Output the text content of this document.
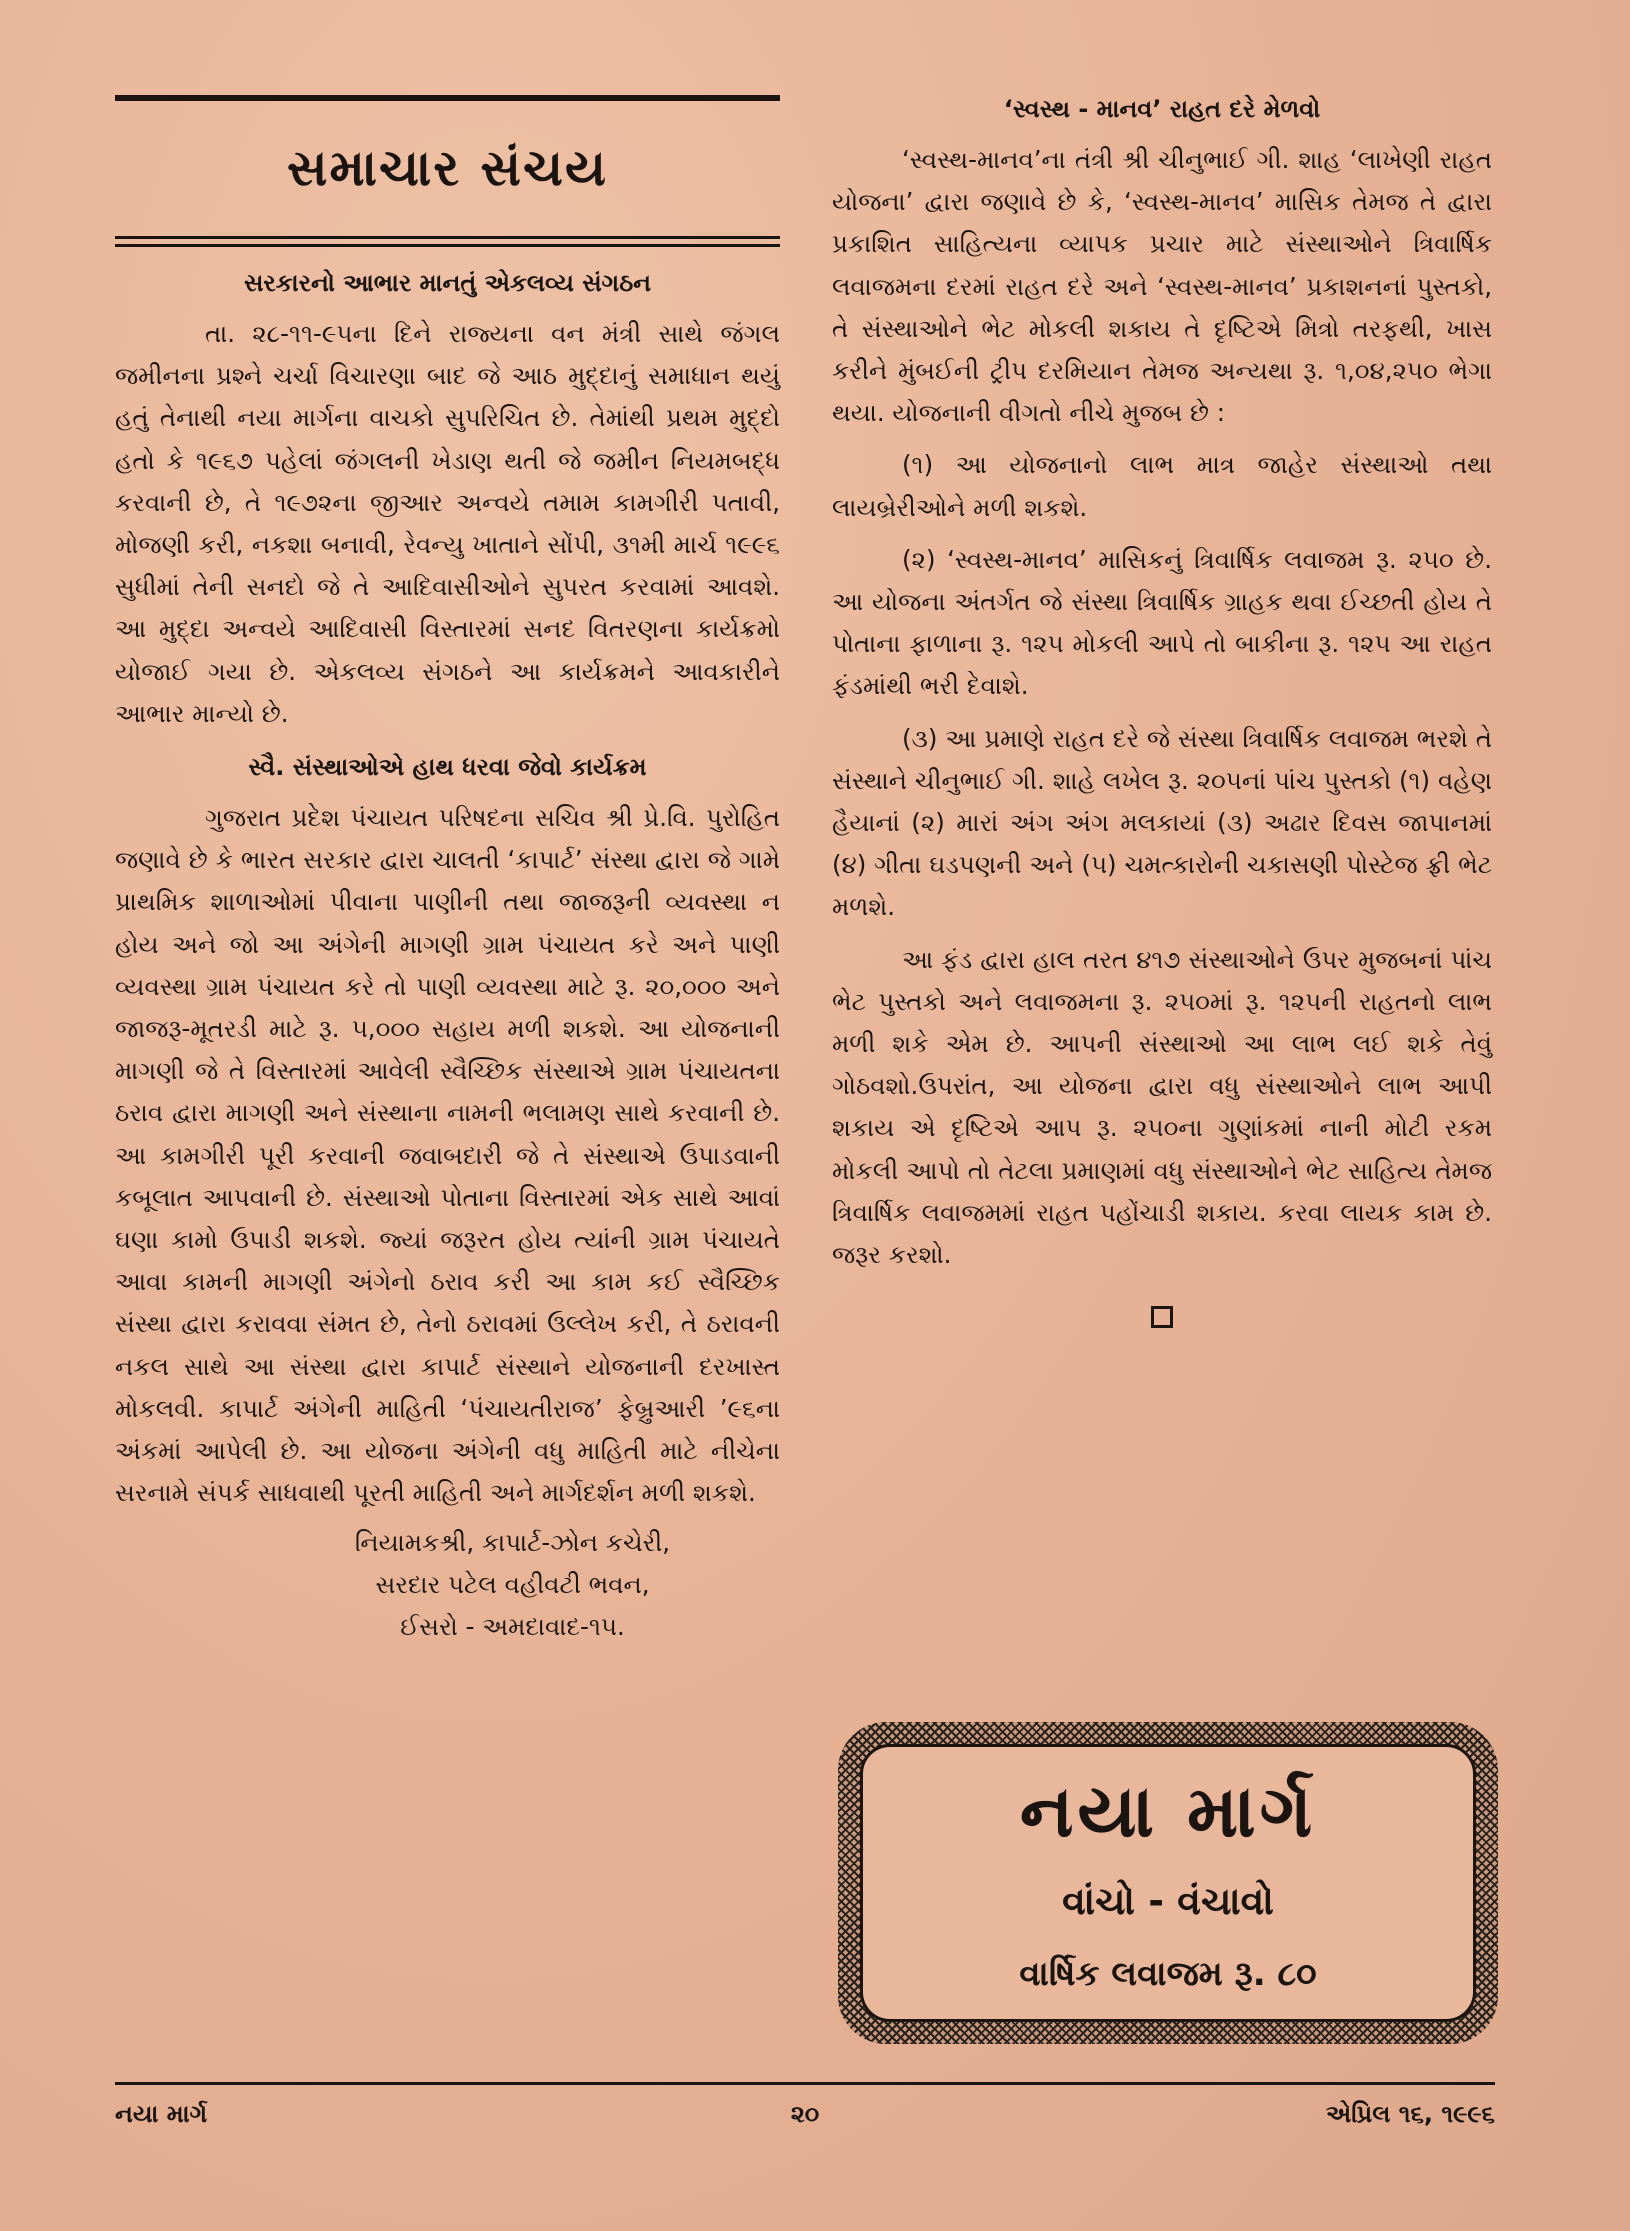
સમાચાર સંચય
સરકારનો આભાર માનતું એકલવ્ય સંગઠન

તા. ૨૮-૧૧-૯૫ના દિને રાજ્યના વન મંત્રી સાથે જંગલ જમીનના પ્રશ્ને ચર્ચા વિચારણા બાદ જે આઠ મુદ્દાનું સમાધાન થયું હતું તેનાથી નયા માર્ગના વાચકો સુપરિચિત છે. તેમાંથી પ્રથમ મુદ્દો હતો કે ૧૯૬૭ પહેલાં જંગલની ખેડાણ થતી જે જમીન નિયમબદ્ધ કરવાની છે, તે ૧૯૭૨ના જીઆર અન્વયે તમામ કામગીરી પતાવી, મોજણી કરી, નકશા બનાવી, રેવન્યુ ખાતાને સોંપી, ૩૧મી માર્ચ ૧૯૯૬ સુધીમાં તેની સનદો જે તે આદિવાસીઓને સુપરત કરવામાં આવશે. આ મુદ્દા અન્વયે આદિવાસી વિસ્તારમાં સનદ વિતરણના કાર્યક્રમો યોજાઈ ગયા છે. એકલવ્ય સંગઠને આ કાર્યક્રમને આવકારીને આભાર માન્યો છે.

સ્વૈ. સંસ્થાઓએ હાથ ધરવા જેવો કાર્યક્રમ

ગુજરાત પ્રદેશ પંચાયત પરિષદના સચિવ શ્રી પ્રે.વિ. પુરોહિત જણાવે છે કે ભારત સરકાર દ્વારા ચાલતી ‘કાપાર્ટ’ સંસ્થા દ્વારા જે ગામે પ્રાથમિક શાળાઓમાં પીવાના પાણીની તથા જાજરૂની વ્યવસ્થા ન હોય અને જો આ અંગેની માગણી ગ્રામ પંચાયત કરે અને પાણી વ્યવસ્થા ગ્રામ પંચાયત કરે તો પાણી વ્યવસ્થા માટે રૂ. ૨૦,૦૦૦ અને જાજરૂ-મૂતરડી માટે રૂ. ૫,૦૦૦ સહાય મળી શકશે. આ યોજનાની માગણી જે તે વિસ્તારમાં આવેલી સ્વૈચ્છિક સંસ્થાએ ગ્રામ પંચાયતના ઠરાવ દ્વારા માગણી અને સંસ્થાના નામની ભલામણ સાથે કરવાની છે. આ કામગીરી પૂરી કરવાની જવાબદારી જે તે સંસ્થાએ ઉપાડવાની કબૂલાત આપવાની છે. સંસ્થાઓ પોતાના વિસ્તારમાં એક સાથે આવાં ઘણા કામો ઉપાડી શકશે. જ્યાં જરૂરત હોય ત્યાંની ગ્રામ પંચાયતે આવા કામની માગણી અંગેનો ઠરાવ કરી આ કામ કઈ સ્વૈચ્છિક સંસ્થા દ્વારા કરાવવા સંમત છે, તેનો ઠરાવમાં ઉલ્લેખ કરી, તે ઠરાવની નકલ સાથે આ સંસ્થા દ્વારા કાપાર્ટ સંસ્થાને યોજનાની દરખાસ્ત મોકલવી. કાપાર્ટ અંગેની માહિતી ‘પંચાયતીરાજ’ ફેબ્રુઆરી ’૯૬ના અંકમાં આપેલી છે. આ યોજના અંગેની વધુ માહિતી માટે નીચેના સરનામે સંપર્ક સાધવાથી પૂરતી માહિતી અને માર્ગદર્શન મળી શકશે.

નિયામકશ્રી, કાપાર્ટ-ઝોન કચેરી,
સરદાર પટેલ વહીવટી ભવન,
ઈસરો - અમદાવાદ-૧૫.
‘સ્વસ્થ - માનવ’ રાહત દરે મેળવો

‘સ્વસ્થ-માનવ’ના તંત્રી શ્રી ચીનુભાઈ ગી. શાહ ‘લાખેણી રાહત યોજના’ દ્વારા જણાવે છે કે, ‘સ્વસ્થ-માનવ’ માસિક તેમજ તે દ્વારા પ્રકાશિત સાહિત્યના વ્યાપક પ્રચાર માટે સંસ્થાઓને ત્રિવાર્ષિક લવાજમના દરમાં રાહત દરે અને ‘સ્વસ્થ-માનવ’ પ્રકાશનનાં પુસ્તકો, તે સંસ્થાઓને ભેટ મોકલી શકાય તે દૃષ્ટિએ મિત્રો તરફથી, ખાસ કરીને મુંબઈની ટ્રીપ દરમિયાન તેમજ અન્યથા રૂ. ૧,૦૪,૨૫૦ ભેગા થયા. યોજનાની વીગતો નીચે મુજબ છે :

(૧) આ યોજનાનો લાભ માત્ર જાહેર સંસ્થાઓ તથા લાયબ્રેરીઓને મળી શકશે.

(૨) ‘સ્વસ્થ-માનવ’ માસિકનું ત્રિવાર્ષિક લવાજમ રૂ. ૨૫૦ છે. આ યોજના અંતર્ગત જે સંસ્થા ત્રિવાર્ષિક ગ્રાહક થવા ઈચ્છતી હોય તે પોતાના ફાળાના રૂ. ૧૨૫ મોકલી આપે તો બાકીના રૂ. ૧૨૫ આ રાહત ફંડમાંથી ભરી દેવાશે.

(૩) આ પ્રમાણે રાહત દરે જે સંસ્થા ત્રિવાર્ષિક લવાજમ ભરશે તે સંસ્થાને ચીનુભાઈ ગી. શાહે લખેલ રૂ. ૨૦૫નાં પાંચ પુસ્તકો (૧) વહેણ હૈયાનાં (૨) મારાં અંગ અંગ મલકાયાં (૩) અઢાર દિવસ જાપાનમાં (૪) ગીતા ઘડપણની અને (૫) ચમત્કારોની ચકાસણી પોસ્ટેજ ફ્રી ભેટ મળશે.

આ ફંડ દ્વારા હાલ તરત ૪૧૭ સંસ્થાઓને ઉપર મુજબનાં પાંચ ભેટ પુસ્તકો અને લવાજમના રૂ. ૨૫૦માં રૂ. ૧૨૫ની રાહતનો લાભ મળી શકે એમ છે. આપની સંસ્થાઓ આ લાભ લઈ શકે તેવું ગોઠવશો.ઉપરાંત, આ યોજના દ્વારા વધુ સંસ્થાઓને લાભ આપી શકાય એ દૃષ્ટિએ આપ રૂ. ૨૫૦ના ગુણાંકમાં નાની મોટી રકમ મોકલી આપો તો તેટલા પ્રમાણમાં વધુ સંસ્થાઓને ભેટ સાહિત્ય તેમજ ત્રિવાર્ષિક લવાજમમાં રાહત પહોંચાડી શકાય. કરવા લાયક કામ છે. જરૂર કરશો.

નયા માર્ગ
વાંચો - વંચાવો
વાર્ષિક લવાજમ રૂ. ૮૦
નયા માર્ગ	૨૦	એપ્રિલ ૧૬, ૧૯૯૬
